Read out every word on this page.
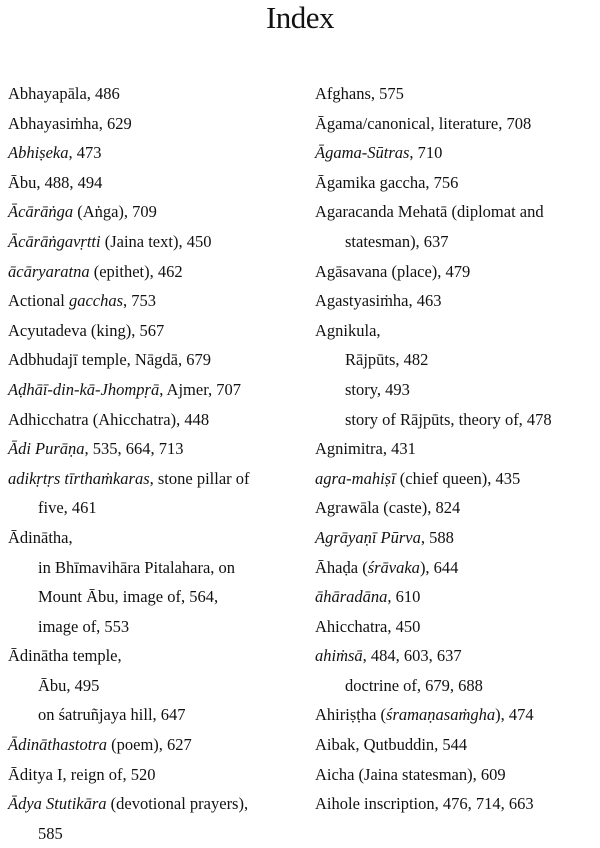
Index
Abhayapāla, 486
Abhayasiṁha, 629
Abhiṣeka, 473
Ābu, 488, 494
Ācārāṅga (Aṅga), 709
Ācārāṅgavṛtti (Jaina text), 450
ācāryaratna (epithet), 462
Actional gacchas, 753
Acyutadeva (king), 567
Adbhudajī temple, Nāgdā, 679
Aḍhāī-din-kā-Jhompṛā, Ajmer, 707
Adhicchatra (Ahicchatra), 448
Ādi Purāṇa, 535, 664, 713
adikṛtṛs tīrthaṁkaras, stone pillar of
five, 461
Ādinātha,
in Bhīmavihāra Pitalahara, on
Mount Ābu, image of, 564,
image of, 553
Ādinātha temple,
Ābu, 495
on śatruñjaya hill, 647
Ādināthastotra (poem), 627
Āditya I, reign of, 520
Ādya Stutikāra (devotional prayers),
585
Afghans, 575
Āgama/canonical, literature, 708
Āgama-Sūtras, 710
Āgamika gaccha, 756
Agaracanda Mehatā (diplomat and
statesman), 637
Agāsavana (place), 479
Agastyasiṁha, 463
Agnikula,
Rājpūts, 482
story, 493
story of Rājpūts, theory of, 478
Agnimitra, 431
agra-mahiṣī (chief queen), 435
Agrawāla (caste), 824
Agrāyaṇī Pūrva, 588
Āhaḍa (śrāvaka), 644
āhāradāna, 610
Ahicchatra, 450
ahiṁsā, 484, 603, 637
doctrine of, 679, 688
Ahiriṣṭha (śramaṇasaṁgha), 474
Aibak, Qutbuddin, 544
Aicha (Jaina statesman), 609
Aihole inscription, 476, 714, 663
